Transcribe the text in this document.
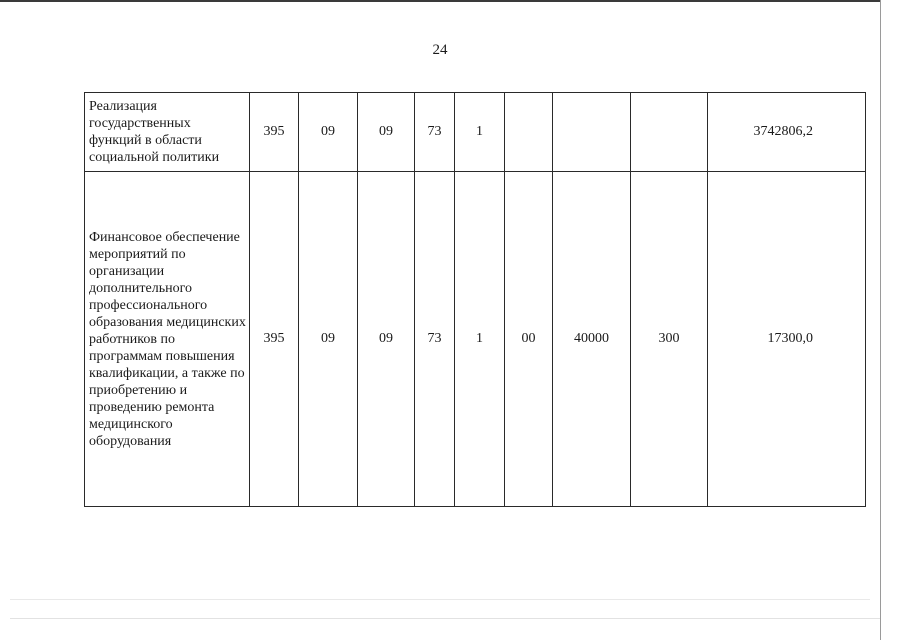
24
Реализация государственных функций в области социальной политики	395	09	09	73	1				3742806,2
Финансовое обеспечение мероприятий по организации дополнительного профессионального образования медицинских работников по программам повышения квалификации, а также по приобретению и проведению ремонта медицинского оборудования	395	09	09	73	1	00	40000	300	17300,0
